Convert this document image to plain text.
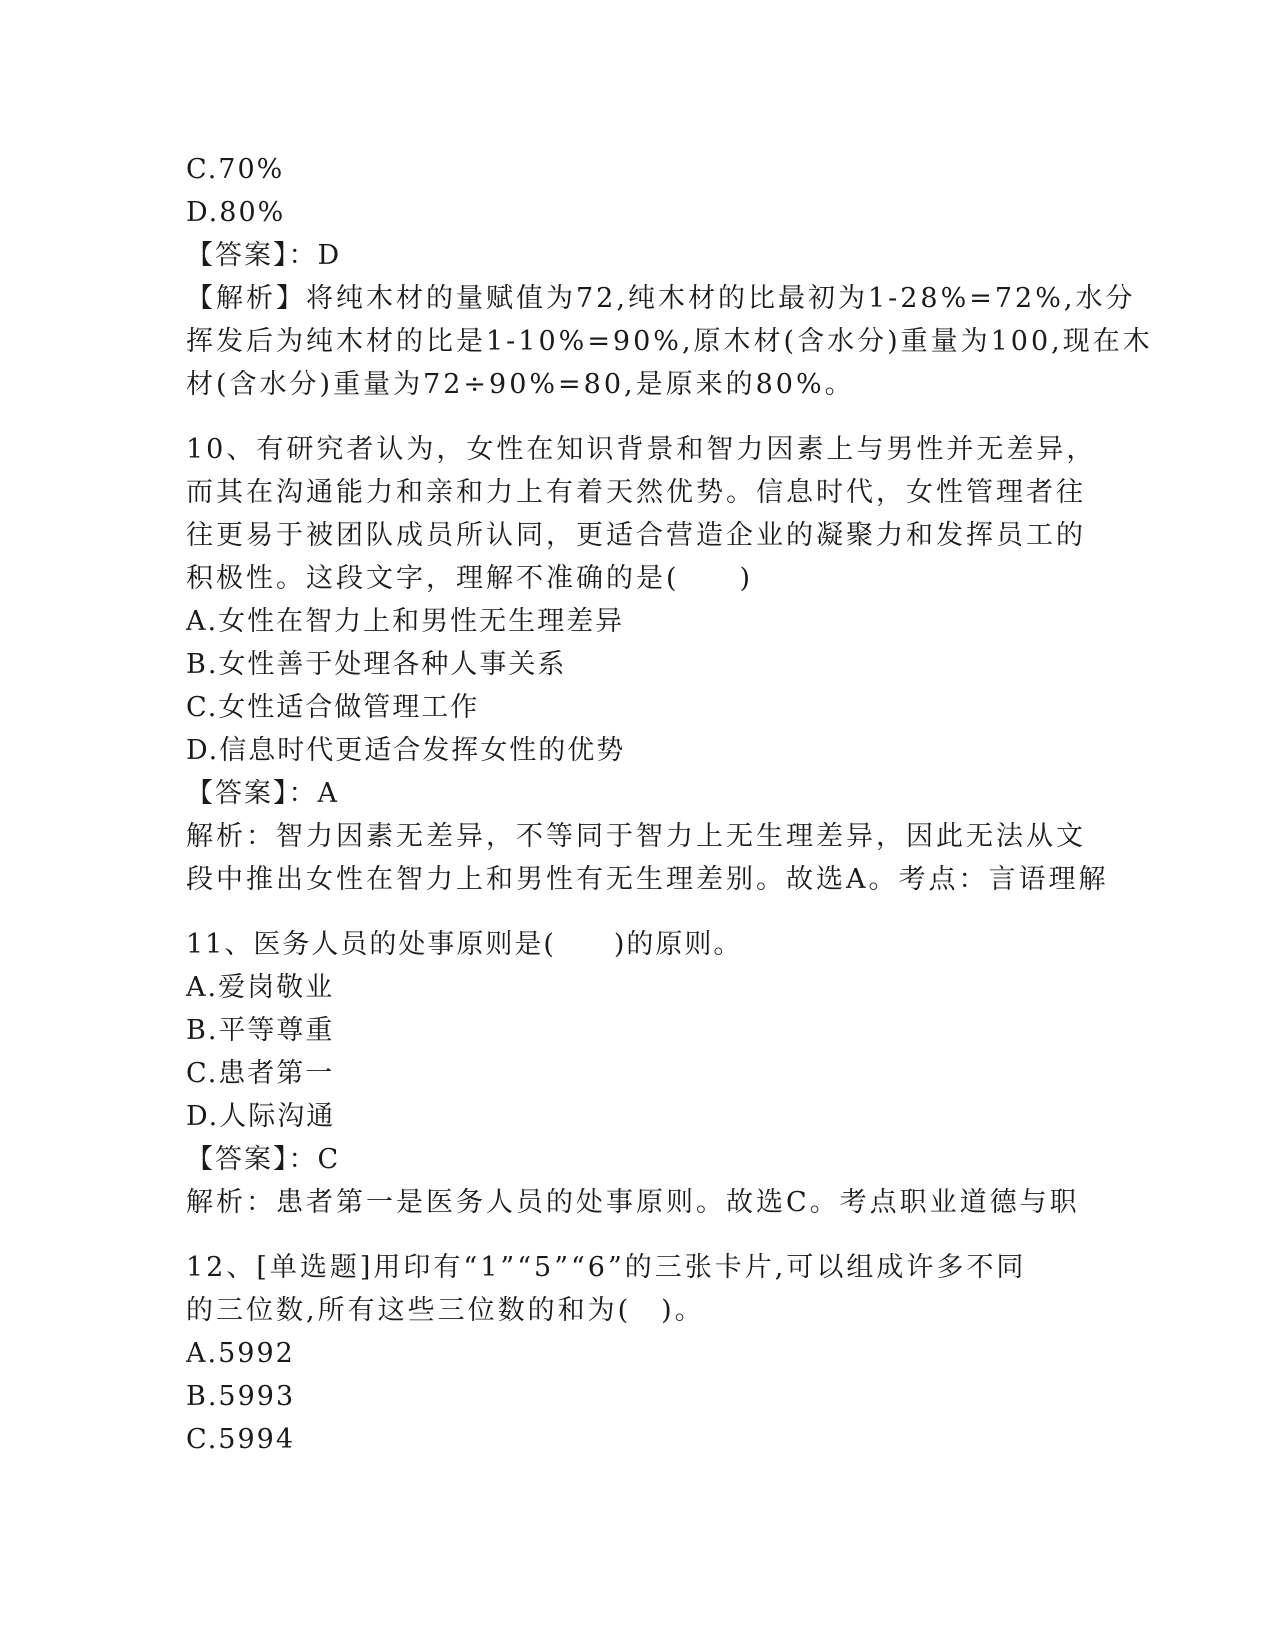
C.70%
D.80%
【答案】：D
【解析】将纯木材的量赋值为72,纯木材的比最初为1-28%=72%,水分
挥发后为纯木材的比是1-10%=90%,原木材(含水分)重量为100,现在木
材(含水分)重量为72÷90%=80,是原来的80%。
10、有研究者认为，女性在知识背景和智力因素上与男性并无差异，
而其在沟通能力和亲和力上有着天然优势。信息时代，女性管理者往
往更易于被团队成员所认同，更适合营造企业的凝聚力和发挥员工的
积极性。这段文字，理解不准确的是(　　)
A.女性在智力上和男性无生理差异
B.女性善于处理各种人事关系
C.女性适合做管理工作
D.信息时代更适合发挥女性的优势
【答案】：A
解析：智力因素无差异，不等同于智力上无生理差异，因此无法从文
段中推出女性在智力上和男性有无生理差别。故选A。考点：言语理解
11、医务人员的处事原则是(　　)的原则。
A.爱岗敬业
B.平等尊重
C.患者第一
D.人际沟通
【答案】：C
解析：患者第一是医务人员的处事原则。故选C。考点职业道德与职
12、[单选题]用印有“1”“5”“6”的三张卡片,可以组成许多不同
的三位数,所有这些三位数的和为(　)。
A.5992
B.5993
C.5994
